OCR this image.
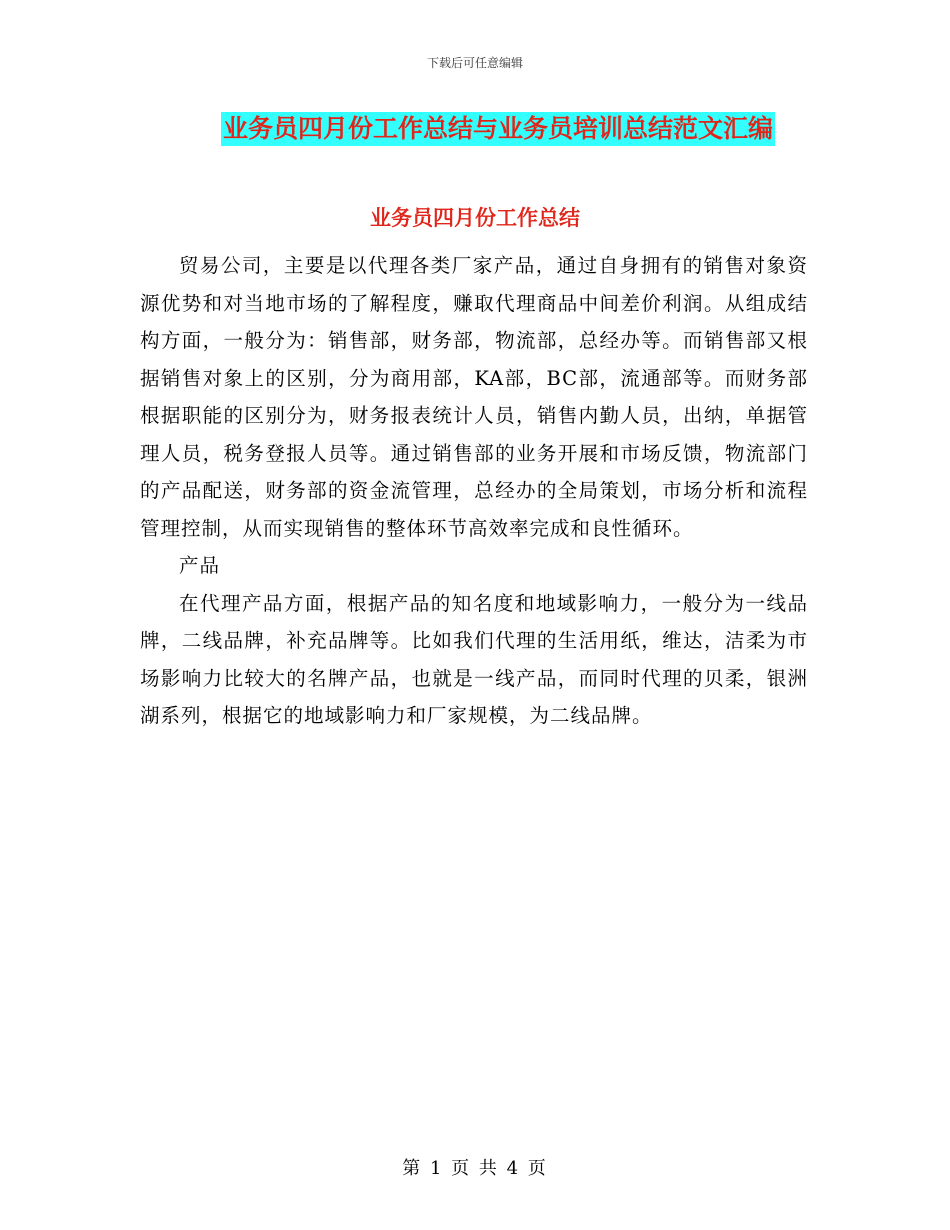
下载后可任意编辑
业务员四月份工作总结与业务员培训总结范文汇编
业务员四月份工作总结

贸易公司，主要是以代理各类厂家产品，通过自身拥有的销售对象资源优势和对当地市场的了解程度，赚取代理商品中间差价利润。从组成结构方面，一般分为：销售部，财务部，物流部，总经办等。而销售部又根据销售对象上的区别，分为商用部，KA部，BC部，流通部等。而财务部根据职能的区别分为，财务报表统计人员，销售内勤人员，出纳，单据管理人员，税务登报人员等。通过销售部的业务开展和市场反馈，物流部门的产品配送，财务部的资金流管理，总经办的全局策划，市场分析和流程管理控制，从而实现销售的整体环节高效率完成和良性循环。

产品

在代理产品方面，根据产品的知名度和地域影响力，一般分为一线品牌，二线品牌，补充品牌等。比如我们代理的生活用纸，维达，洁柔为市场影响力比较大的名牌产品，也就是一线产品，而同时代理的贝柔，银洲湖系列，根据它的地域影响力和厂家规模，为二线品牌。

第 1 页 共 4 页
